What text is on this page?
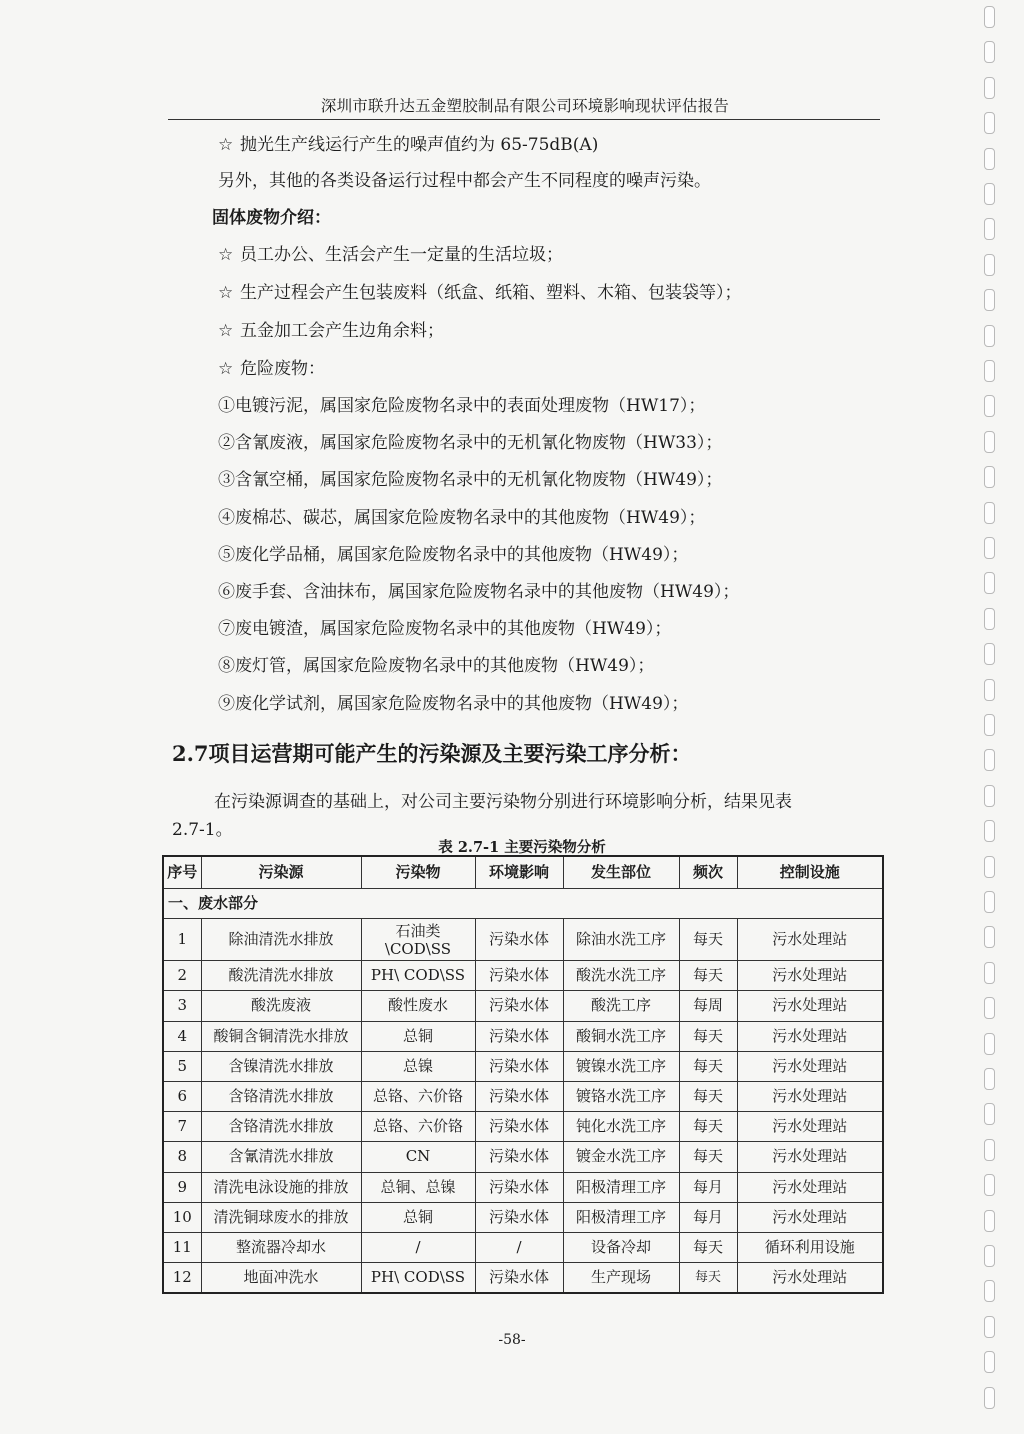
深圳市联升达五金塑胶制品有限公司环境影响现状评估报告
☆ 抛光生产线运行产生的噪声值约为 65-75dB(A)
另外，其他的各类设备运行过程中都会产生不同程度的噪声污染。
固体废物介绍：
☆ 员工办公、生活会产生一定量的生活垃圾；
☆ 生产过程会产生包装废料（纸盒、纸箱、塑料、木箱、包装袋等）；
☆ 五金加工会产生边角余料；
☆ 危险废物：
①电镀污泥，属国家危险废物名录中的表面处理废物（HW17）；
②含氰废液，属国家危险废物名录中的无机氰化物废物（HW33）；
③含氰空桶，属国家危险废物名录中的无机氰化物废物（HW49）；
④废棉芯、碳芯，属国家危险废物名录中的其他废物（HW49）；
⑤废化学品桶，属国家危险废物名录中的其他废物（HW49）；
⑥废手套、含油抹布，属国家危险废物名录中的其他废物（HW49）；
⑦废电镀渣，属国家危险废物名录中的其他废物（HW49）；
⑧废灯管，属国家危险废物名录中的其他废物（HW49）；
⑨废化学试剂，属国家危险废物名录中的其他废物（HW49）；
2.7项目运营期可能产生的污染源及主要污染工序分析：
在污染源调查的基础上，对公司主要污染物分别进行环境影响分析，结果见表
2.7-1。
表 2.7-1 主要污染物分析
序号	污染源	污染物	环境影响	发生部位	频次	控制设施
一、废水部分						
1	除油清洗水排放	石油类\COD\SS	污染水体	除油水洗工序	每天	污水处理站
2	酸洗清洗水排放	PH\ COD\SS	污染水体	酸洗水洗工序	每天	污水处理站
3	酸洗废液	酸性废水	污染水体	酸洗工序	每周	污水处理站
4	酸铜含铜清洗水排放	总铜	污染水体	酸铜水洗工序	每天	污水处理站
5	含镍清洗水排放	总镍	污染水体	镀镍水洗工序	每天	污水处理站
6	含铬清洗水排放	总铬、六价铬	污染水体	镀铬水洗工序	每天	污水处理站
7	含铬清洗水排放	总铬、六价铬	污染水体	钝化水洗工序	每天	污水处理站
8	含氰清洗水排放	CN	污染水体	镀金水洗工序	每天	污水处理站
9	清洗电泳设施的排放	总铜、总镍	污染水体	阳极清理工序	每月	污水处理站
10	清洗铜球废水的排放	总铜	污染水体	阳极清理工序	每月	污水处理站
11	整流器冷却水	/	/	设备冷却	每天	循环利用设施
12	地面冲洗水	PH\ COD\SS	污染水体	生产现场	每天	污水处理站
-58-
